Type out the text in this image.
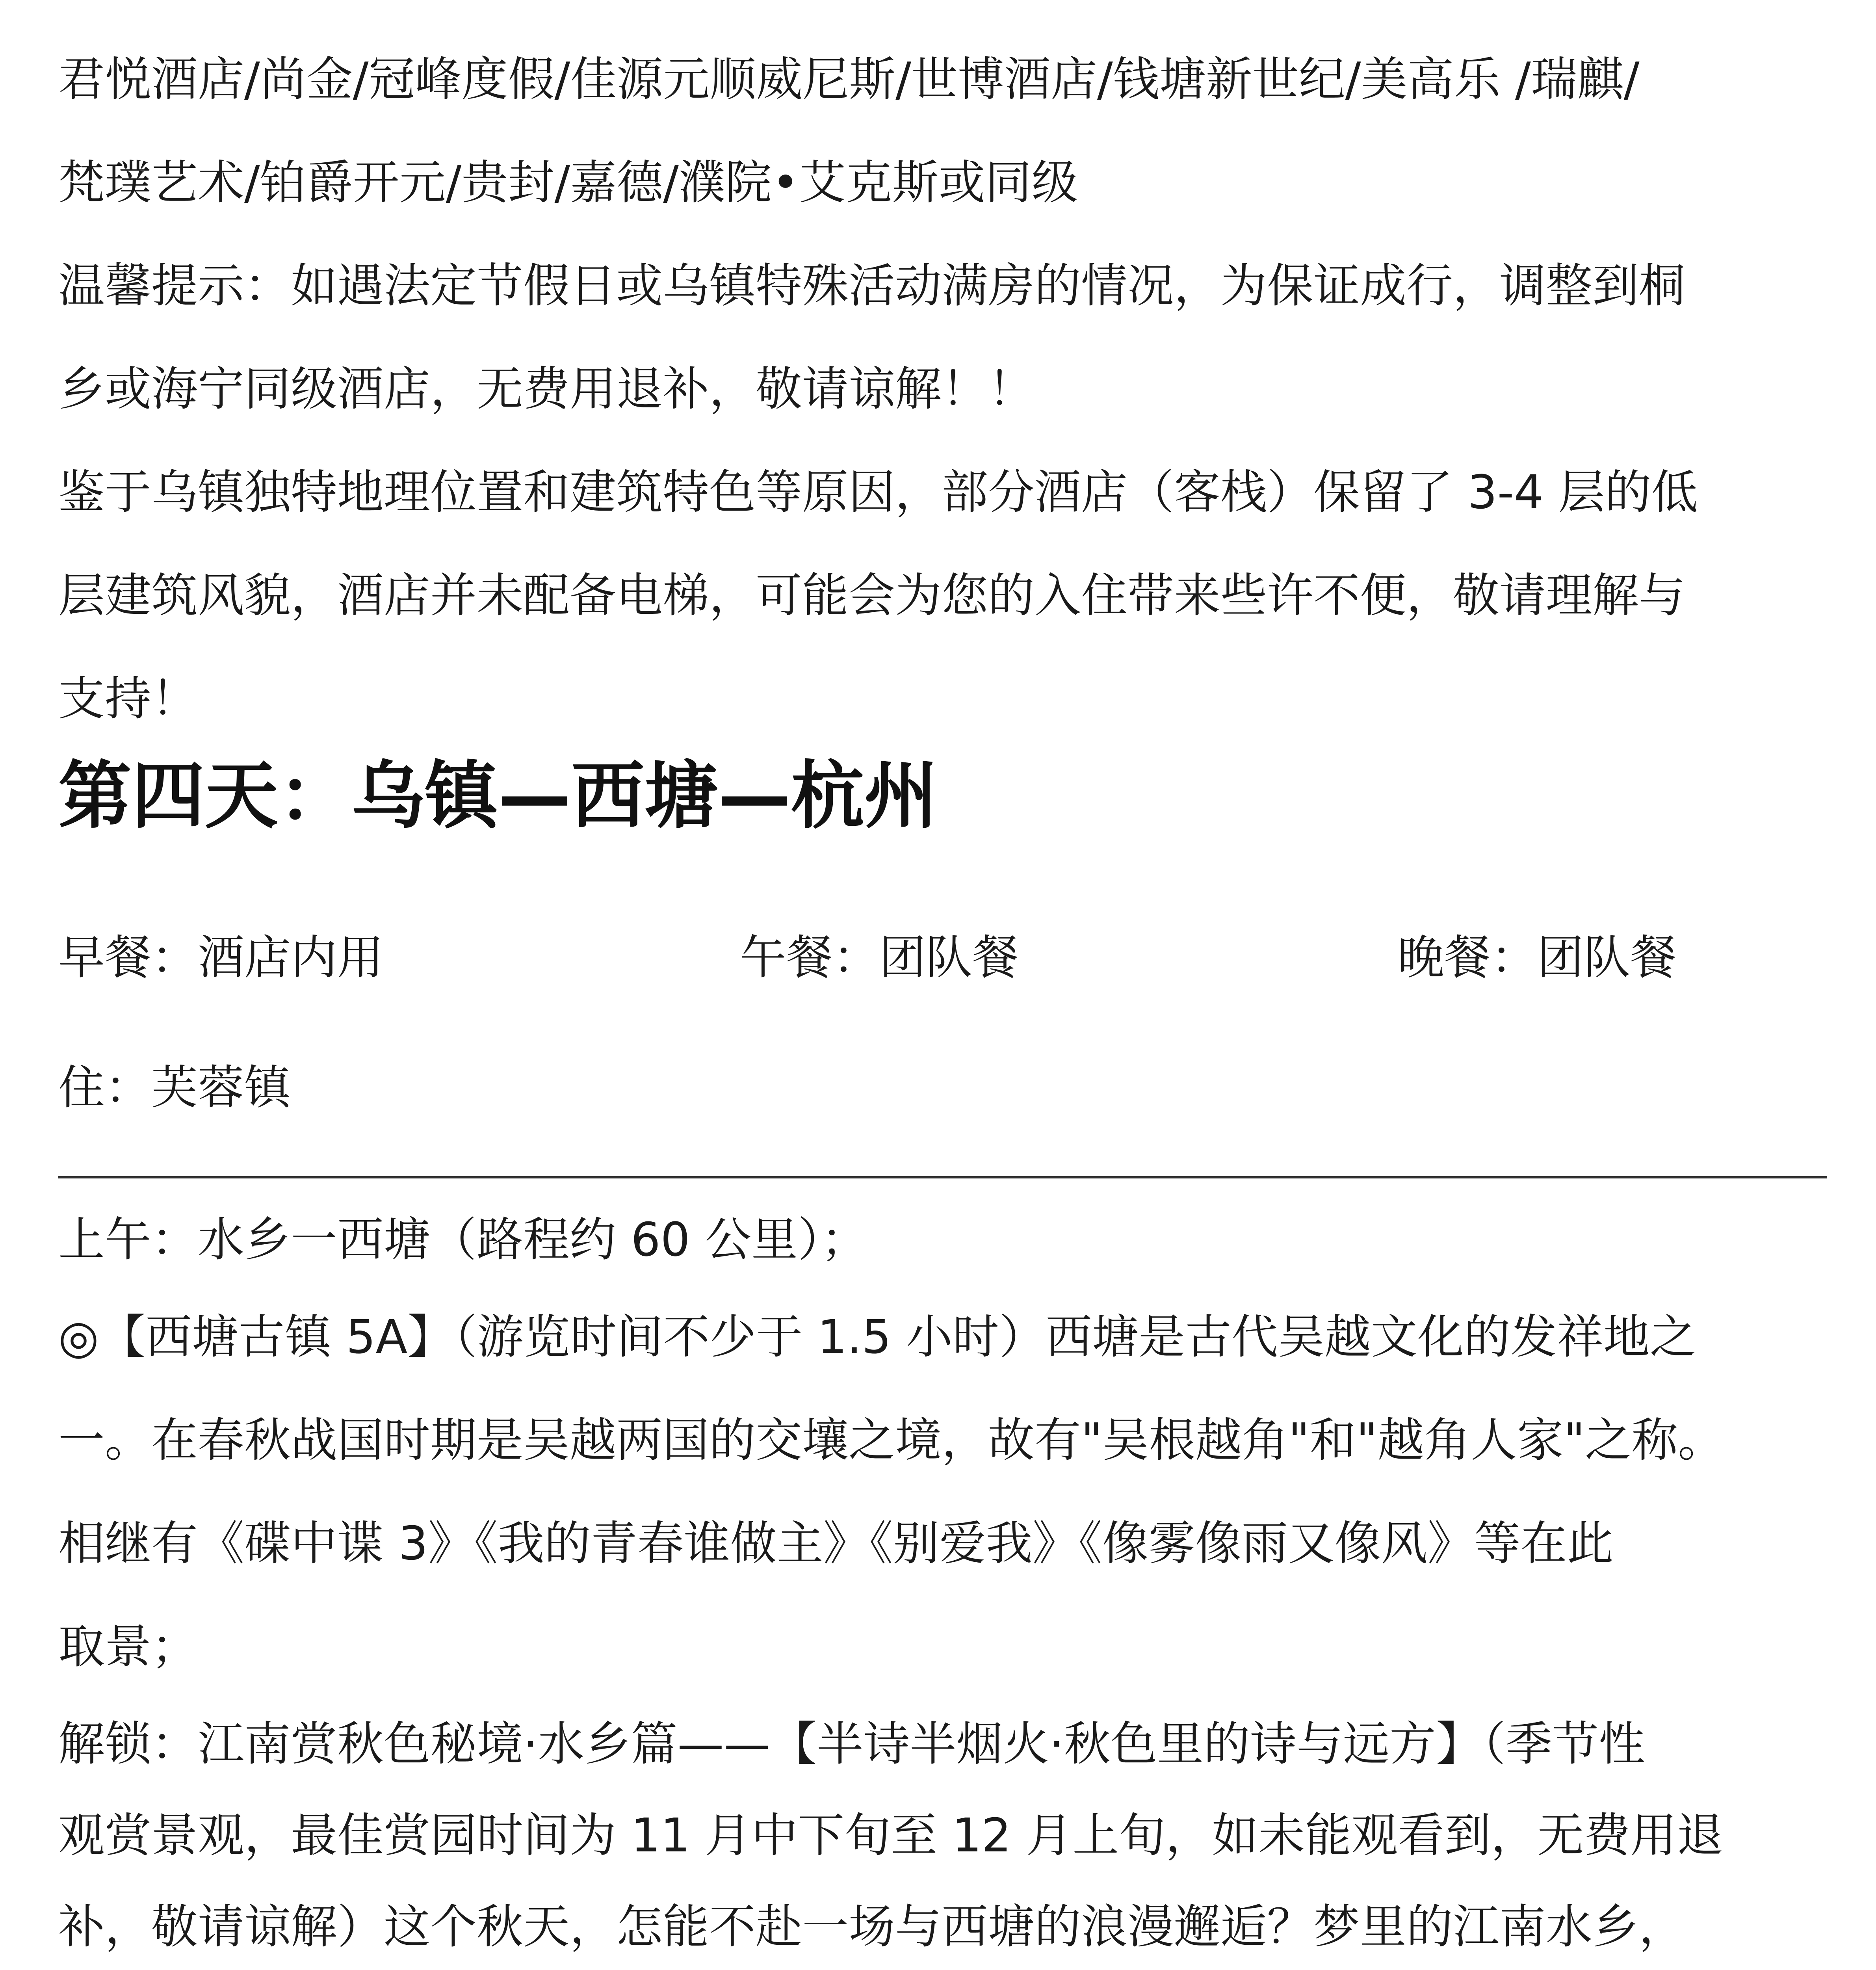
君悦酒店/尚金/冠峰度假/佳源元顺威尼斯/世博酒店/钱塘新世纪/美高乐 /瑞麒/

梵璞艺术/铂爵开元/贵封/嘉德/濮院•艾克斯或同级

温馨提示：如遇法定节假日或乌镇特殊活动满房的情况，为保证成行，调整到桐

乡或海宁同级酒店，无费用退补，敬请谅解！！

鉴于乌镇独特地理位置和建筑特色等原因，部分酒店（客栈）保留了 3-4 层的低

层建筑风貌，酒店并未配备电梯，可能会为您的入住带来些许不便，敬请理解与

支持！

第四天：乌镇—西塘—杭州
早餐：酒店内用	午餐：团队餐	晚餐：团队餐
住：芙蓉镇

上午：水乡一西塘（路程约 60 公里）；

◎【西塘古镇 5A】（游览时间不少于 1.5 小时）西塘是古代吴越文化的发祥地之

一。在春秋战国时期是吴越两国的交壤之境，故有"吴根越角"和"越角人家"之称。

相继有《碟中谍 3》《我的青春谁做主》《别爱我》《像雾像雨又像风》等在此

取景；

解锁：江南赏秋色秘境·水乡篇——【半诗半烟火·秋色里的诗与远方】（季节性

观赏景观，最佳赏园时间为 11 月中下旬至 12 月上旬，如未能观看到，无费用退

补，敬请谅解）这个秋天，怎能不赴一场与西塘的浪漫邂逅？梦里的江南水乡，
